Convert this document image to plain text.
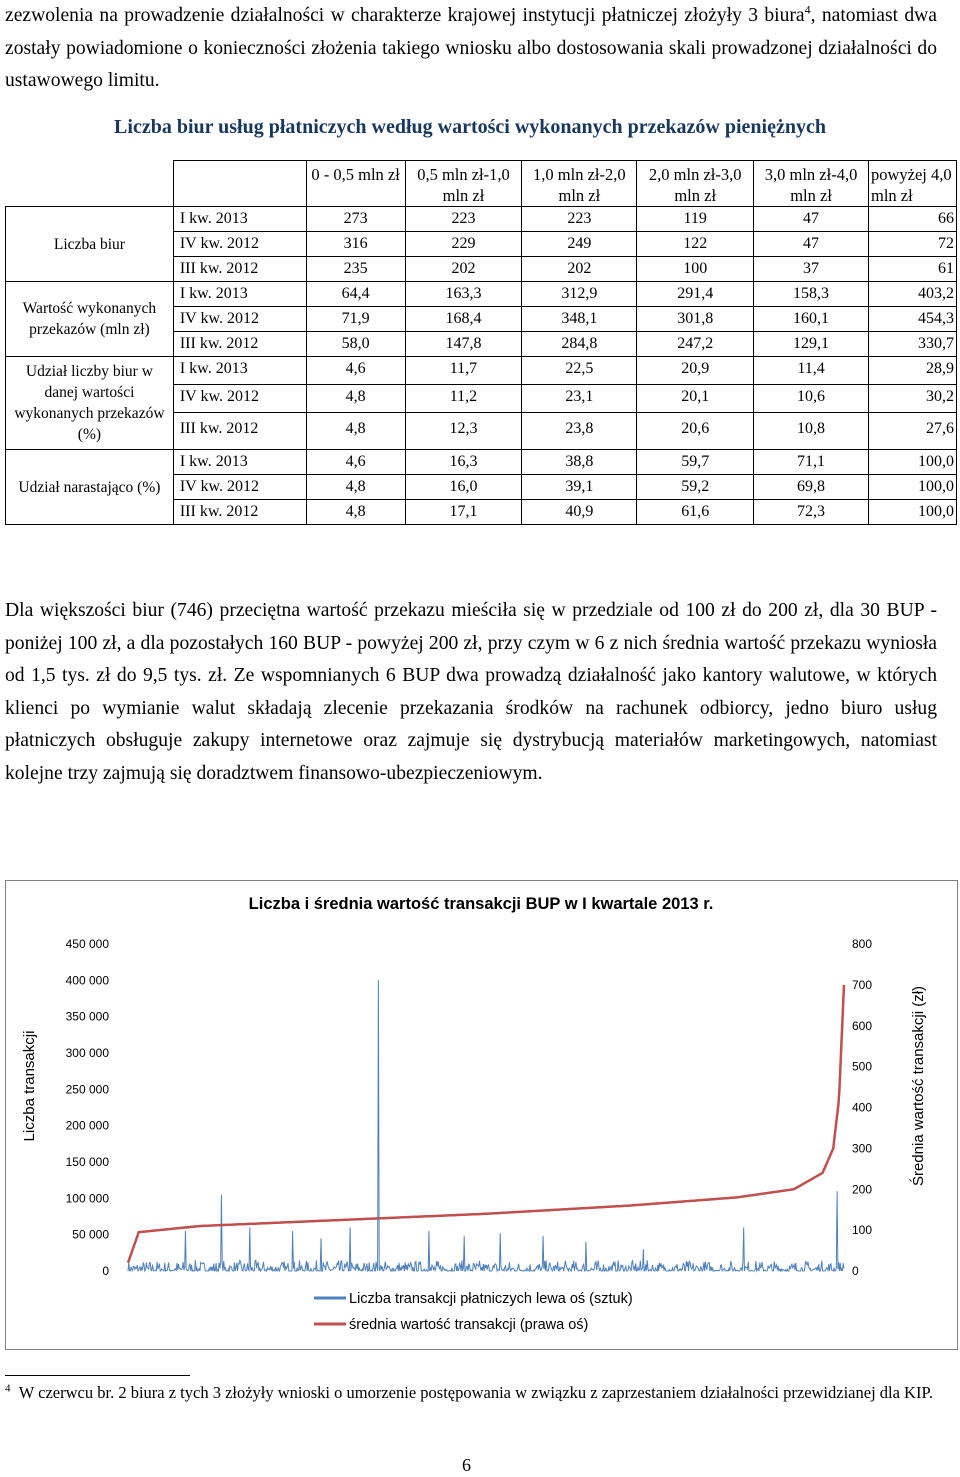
zezwolenia na prowadzenie działalności w charakterze krajowej instytucji płatniczej złożyły 3 biura$^4$, natomiast dwa zostały powiadomione o konieczności złożenia takiego wniosku albo dostosowania skali prowadzonej działalności do ustawowego limitu.

Liczba biur usług płatniczych według wartości wykonanych przekazów pieniężnych
		0 - 0,5 mln zł	0,5 mln zł-1,0 mln zł	1,0 mln zł-2,0 mln zł	2,0 mln zł-3,0 mln zł	3,0 mln zł-4,0 mln zł	powyżej 4,0 mln zł
Liczba biur	I kw. 2013	273	223	223	119	47	66
	IV kw. 2012	316	229	249	122	47	72
	III kw. 2012	235	202	202	100	37	61
Wartość wykonanych przekazów (mln zł)	I kw. 2013	64,4	163,3	312,9	291,4	158,3	403,2
	IV kw. 2012	71,9	168,4	348,1	301,8	160,1	454,3
	III kw. 2012	58,0	147,8	284,8	247,2	129,1	330,7
Udział liczby biur w danej wartości wykonanych przekazów (%)	I kw. 2013	4,6	11,7	22,5	20,9	11,4	28,9
	IV kw. 2012	4,8	11,2	23,1	20,1	10,6	30,2
	III kw. 2012	4,8	12,3	23,8	20,6	10,8	27,6
Udział narastająco (%)	I kw. 2013	4,6	16,3	38,8	59,7	71,1	100,0
	IV kw. 2012	4,8	16,0	39,1	59,2	69,8	100,0
	III kw. 2012	4,8	17,1	40,9	61,6	72,3	100,0

Dla większości biur (746) przeciętna wartość przekazu mieściła się w przedziale od 100 zł do 200 zł, dla 30 BUP - poniżej 100 zł, a dla pozostałych 160 BUP - powyżej 200 zł, przy czym w 6 z nich średnia wartość przekazu wyniosła od 1,5 tys. zł do 9,5 tys. zł. Ze wspomnianych 6 BUP dwa prowadzą działalność jako kantory walutowe, w których klienci po wymianie walut składają zlecenie przekazania środków na rachunek odbiorcy, jedno biuro usług płatniczych obsługuje zakupy internetowe oraz zajmuje się dystrybucją materiałów marketingowych, natomiast kolejne trzy zajmują się doradztwem finansowo-ubezpieczeniowym.

Liczba i średnia wartość transakcji BUP w I kwartale 2013 r.
0
50 000
100 000
150 000
200 000
250 000
300 000
350 000
400 000
450 000
0
100
200
300
400
500
600
700
800
Liczba transakcji	Średnia wartość transakcji (zł)
Liczba transakcji płatniczych lewa oś (sztuk)
średnia wartość transakcji (prawa oś)

$^4$ W czerwcu br. 2 biura z tych 3 złożyły wnioski o umorzenie postępowania w związku z zaprzestaniem działalności przewidzianej dla KIP.

6
